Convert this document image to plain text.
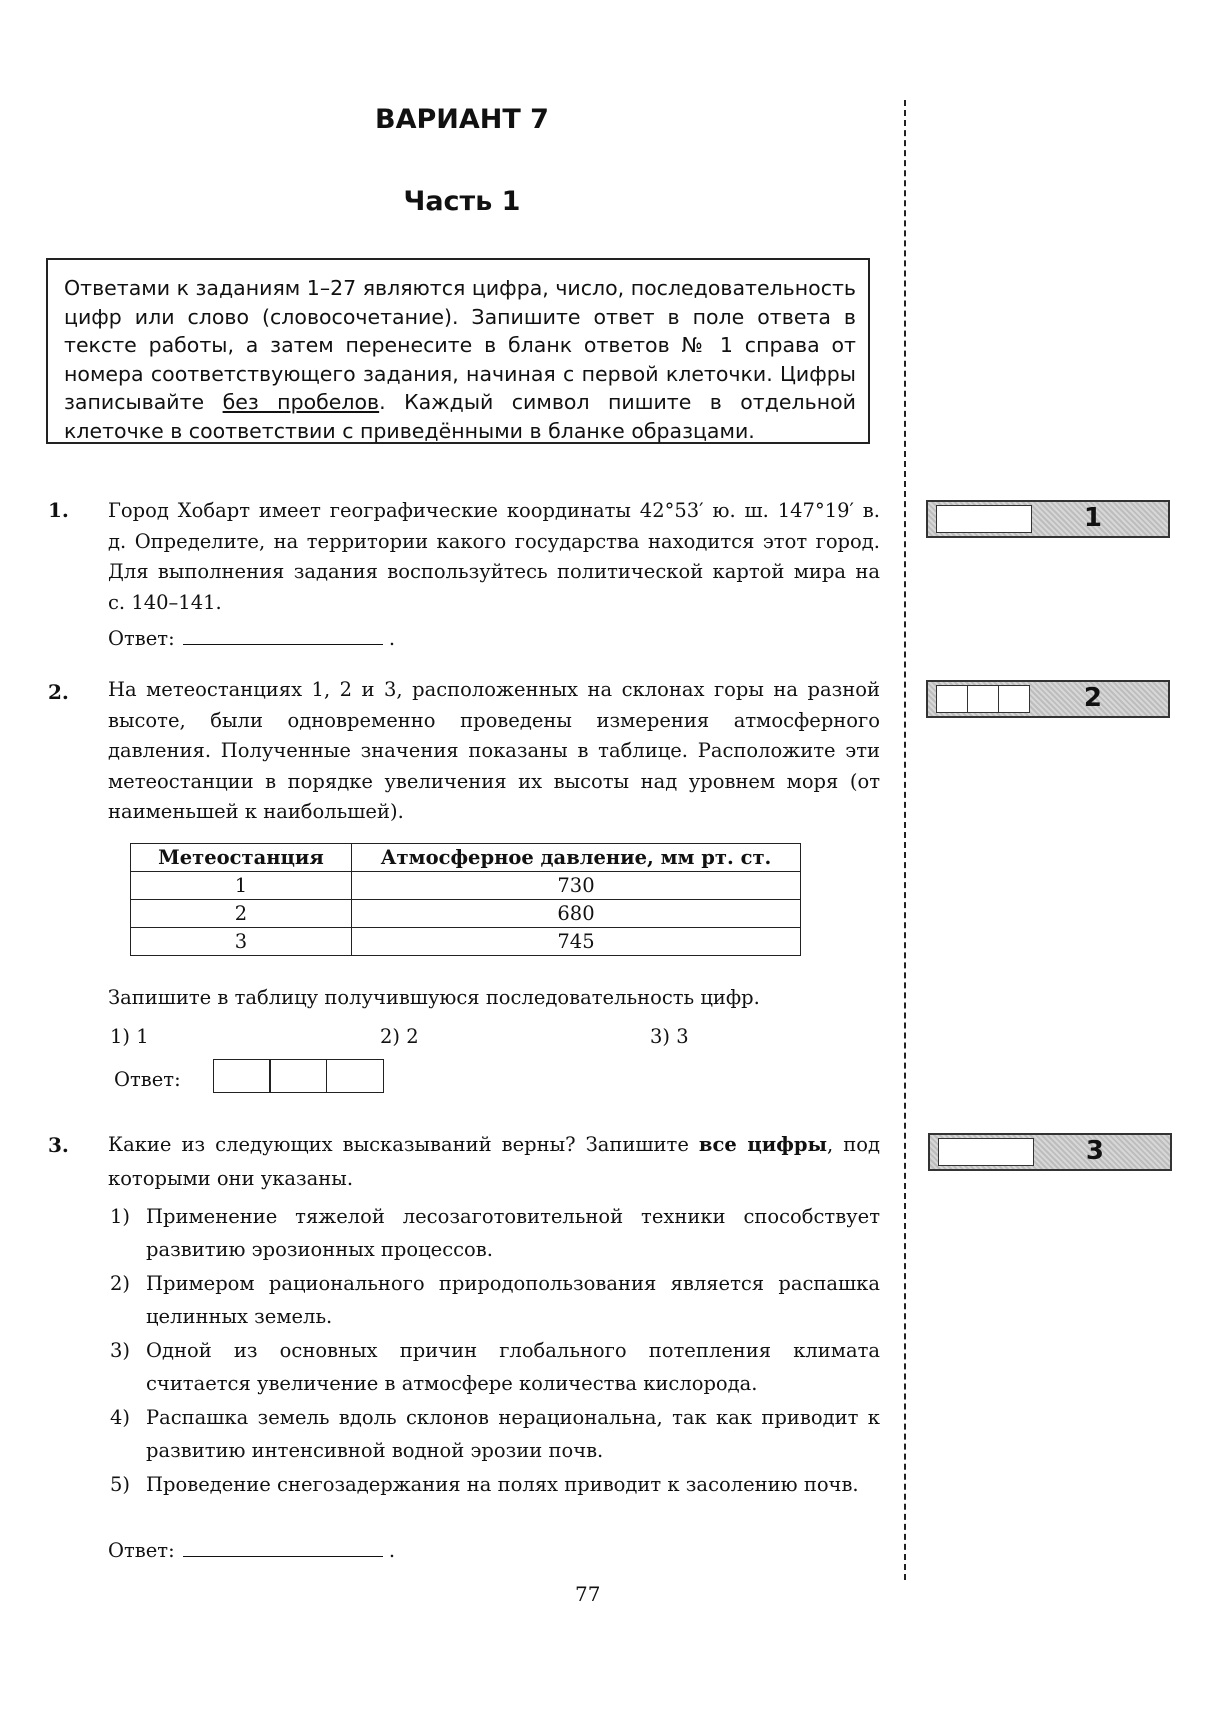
ВАРИАНТ 7
Часть 1
Ответами к заданиям 1–27 являются цифра, число, последовательность цифр или слово (словосочетание). Запишите ответ в поле ответа в тексте работы, а затем перенесите в бланк ответов № 1 справа от номера соответствующего задания, начиная с первой клеточки. Цифры записывайте без пробелов. Каждый символ пишите в отдельной клеточке в соответствии с приведёнными в бланке образцами.
1. Город Хобарт имеет географические координаты 42°53′ ю. ш. 147°19′ в. д. Определите, на территории какого государства находится этот город. Для выполнения задания воспользуйтесь политической картой мира на с. 140–141.
Ответ:	.
1
2. На метеостанциях 1, 2 и 3, расположенных на склонах горы на разной высоте, были одновременно проведены измерения атмосферного давления. Полученные значения показаны в таблице. Расположите эти метеостанции в порядке увеличения их высоты над уровнем моря (от наименьшей к наибольшей).
Метеостанция	Атмосферное давление, мм рт. ст.
1	730
2	680
3	745
Запишите в таблицу получившуюся последовательность цифр.
1) 1	2) 2	3) 3
Ответ:
2
3. Какие из следующих высказываний верны? Запишите все цифры, под которыми они указаны.
1) Применение тяжелой лесозаготовительной техники способствует развитию эрозионных процессов.
2) Примером рационального природопользования является распашка целинных земель.
3) Одной из основных причин глобального потепления климата считается увеличение в атмосфере количества кислорода.
4) Распашка земель вдоль склонов нерациональна, так как приводит к развитию интенсивной водной эрозии почв.
5) Проведение снегозадержания на полях приводит к засолению почв.
Ответ:	.
3
77
